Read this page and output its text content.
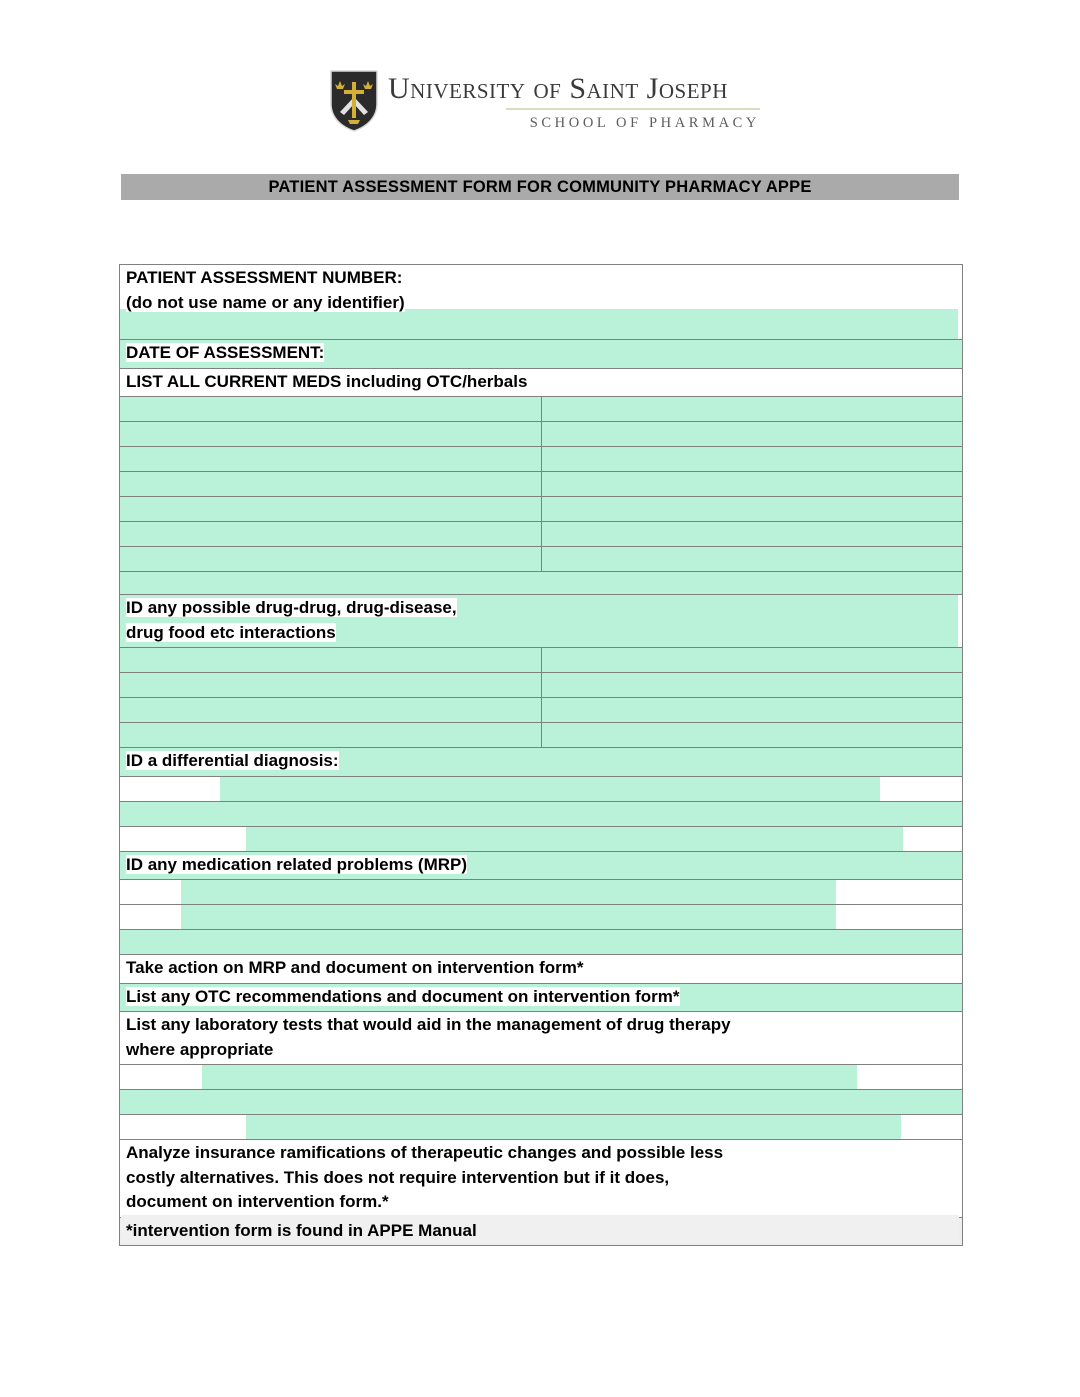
University of Saint Joseph
SCHOOL OF PHARMACY
PATIENT ASSESSMENT FORM FOR COMMUNITY PHARMACY APPE
PATIENT ASSESSMENT NUMBER:
(do not use name or any identifier)	

DATE OF ASSESSMENT:	

LIST ALL CURRENT MEDS including OTC/herbals	

ID any possible drug-drug, drug-disease,
drug food etc interactions	

ID a differential diagnosis:	

ID any medication related problems (MRP)	

Take action on MRP and document on intervention form*	

List any OTC recommendations and document on intervention form*	

List any laboratory tests that would aid in the management of drug therapy
where appropriate	

Analyze insurance ramifications of therapeutic changes and possible less
costly alternatives. This does not require intervention but if it does,
document on intervention form.*	

*intervention form is found in APPE Manual	
